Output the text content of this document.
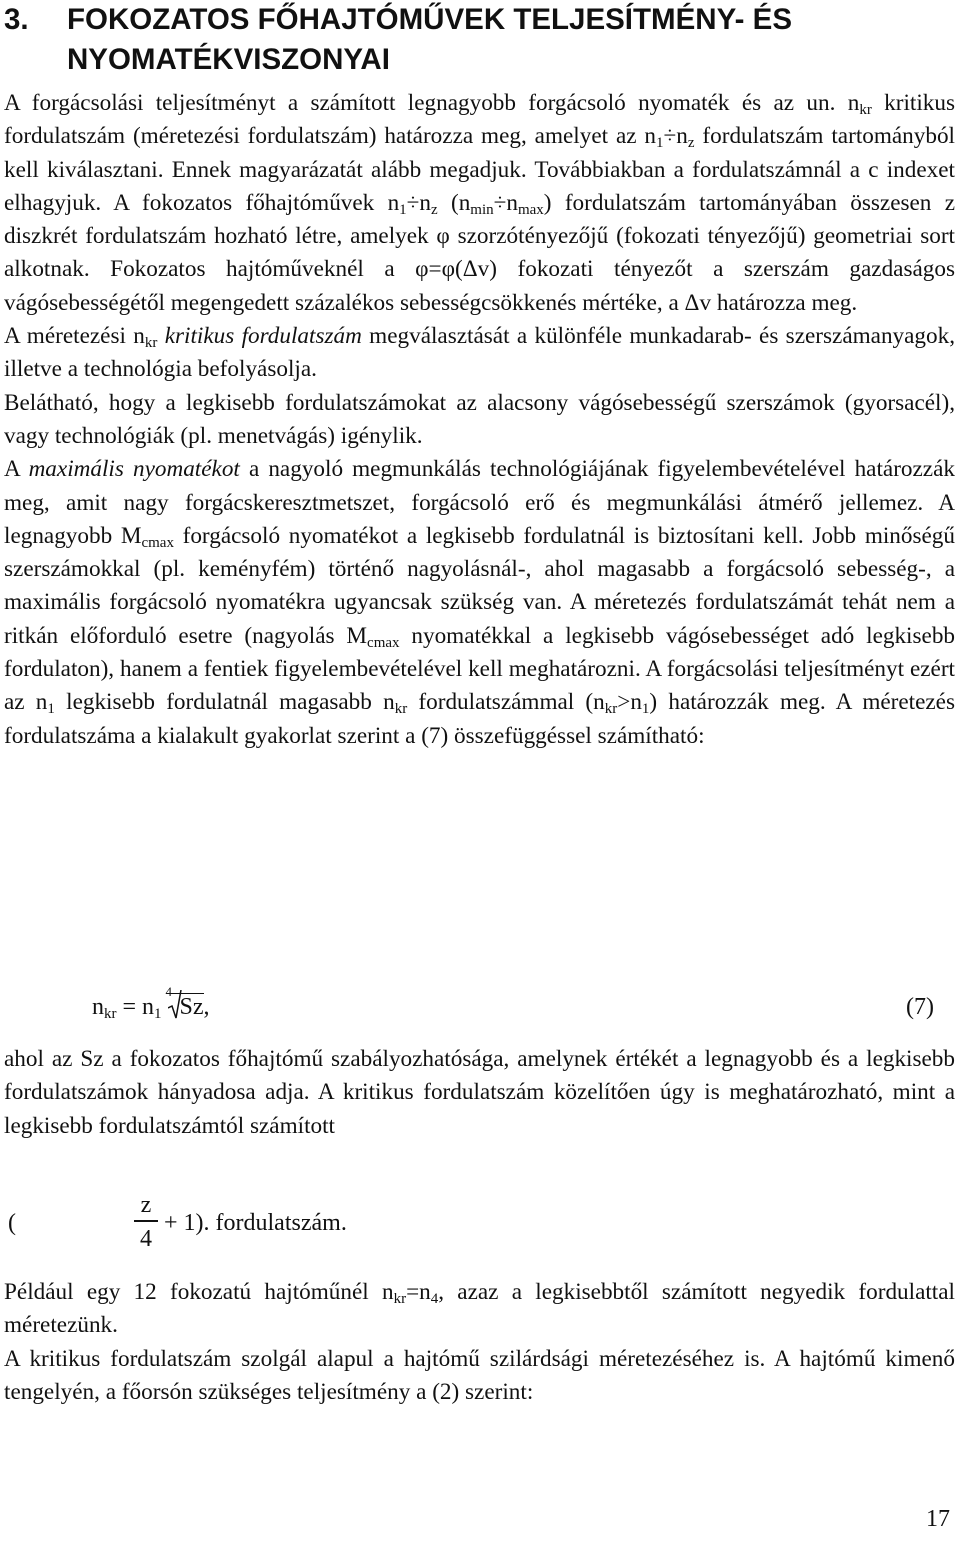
3. FOKOZATOS FŐHAJTÓMŰVEK TELJESÍTMÉNY- ÉS
NYOMATÉKVISZONYAI

A forgácsolási teljesítményt a számított legnagyobb forgácsoló nyomaték és az un. $n_{kr}$ kritikus fordulatszám (méretezési fordulatszám) határozza meg, amelyet az $n_1\div n_z$ fordulatszám tartományból kell kiválasztani. Ennek magyarázatát alább megadjuk. Továbbiakban a fordulatszámnál a c indexet elhagyjuk. A fokozatos főhajtóművek $n_1\div n_z$ $(n_{min}\div n_{max})$ fordulatszám tartományában összesen z diszkrét fordulatszám hozható létre, amelyek φ szorzótényezőjű (fokozati tényezőjű) geometriai sort alkotnak. Fokozatos hajtóműveknél a φ=φ(Δv) fokozati tényezőt a szerszám gazdaságos vágósebességétől megengedett százalékos sebességcsökkenés mértéke, a Δv határozza meg.

A méretezési $n_{kr}$ kritikus fordulatszám megválasztását a különféle munkadarab- és szerszámanyagok, illetve a technológia befolyásolja.

Belátható, hogy a legkisebb fordulatszámokat az alacsony vágósebességű szerszámok (gyorsacél), vagy technológiák (pl. menetvágás) igénylik.

A maximális nyomatékot a nagyoló megmunkálás technológiájának figyelembevételével határozzák meg, amit nagy forgácskeresztmetszet, forgácsoló erő és megmunkálási átmérő jellemez. A legnagyobb $M_{cmax}$ forgácsoló nyomatékot a legkisebb fordulatnál is biztosítani kell. Jobb minőségű szerszámokkal (pl. keményfém) történő nagyolásnál-, ahol magasabb a forgácsoló sebesség-, a maximális forgácsoló nyomatékra ugyancsak szükség van. A méretezés fordulatszámát tehát nem a ritkán előforduló esetre (nagyolás $M_{cmax}$ nyomatékkal a legkisebb vágósebességet adó legkisebb fordulaton), hanem a fentiek figyelembevételével kell meghatározni. A forgácsolási teljesítményt ezért az $n_1$ legkisebb fordulatnál magasabb $n_{kr}$ fordulatszámmal $(n_{kr}>n_1)$ határozzák meg. A méretezés fordulatszáma a kialakult gyakorlat szerint a (7) összefüggéssel számítható:

$n_{kr} = n_1$
4
Sz,	(7)

ahol az Sz a fokozatos főhajtómű szabályozhatósága, amelynek értékét a legnagyobb és a legkisebb fordulatszámok hányadosa adja. A kritikus fordulatszám közelítően úgy is meghatározható, mint a legkisebb fordulatszámtól számított

(
z
4
+ 1). fordulatszám.

Például egy 12 fokozatú hajtóműnél $n_{kr}=n_4$, azaz a legkisebbtől számított negyedik fordulattal méretezünk.

A kritikus fordulatszám szolgál alapul a hajtómű szilárdsági méretezéséhez is. A hajtómű kimenő tengelyén, a főorsón szükséges teljesítmény a (2) szerint:

17
